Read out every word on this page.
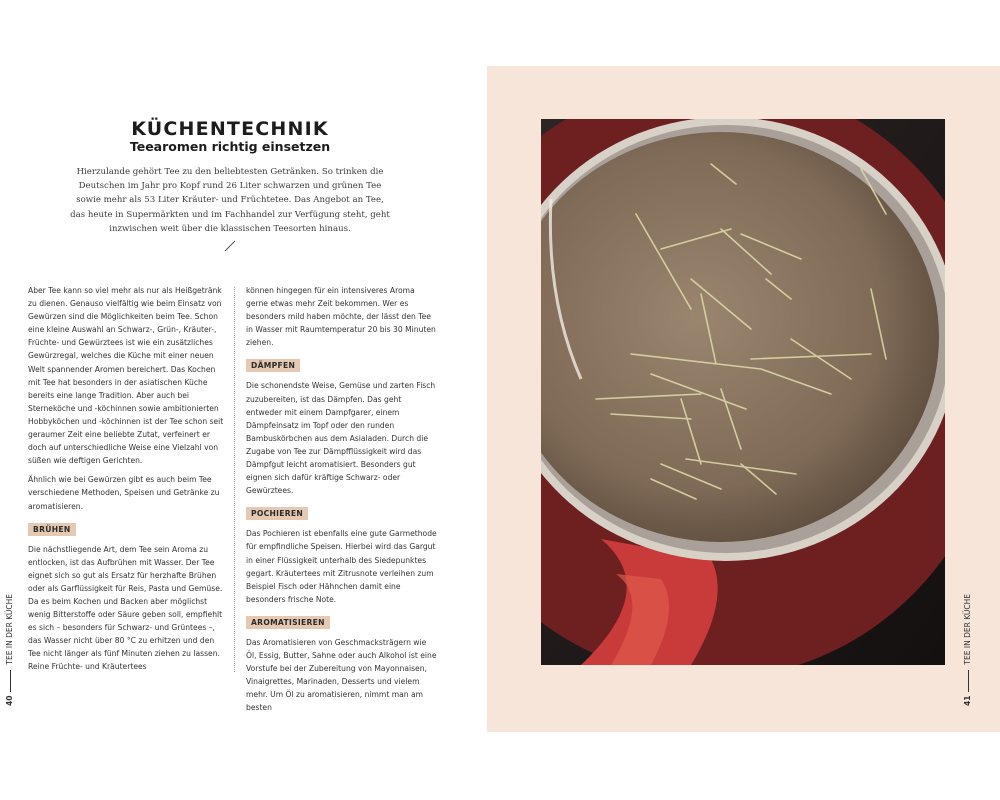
KÜCHENTECHNIK
Teearomen richtig einsetzen
Hierzulande gehört Tee zu den beliebtesten Getränken. So trinken die Deutschen im Jahr pro Kopf rund 26 Liter schwarzen und grünen Tee sowie mehr als 53 Liter Kräuter- und Früchtetee. Das Angebot an Tee, das heute in Supermärkten und im Fachhandel zur Verfügung steht, geht inzwischen weit über die klassischen Teesorten hinaus.

Aber Tee kann so viel mehr als nur als Heißgetränk zu dienen. Genauso vielfältig wie beim Einsatz von Gewürzen sind die Möglichkeiten beim Tee. Schon eine kleine Auswahl an Schwarz-, Grün-, Kräuter-, Früchte- und Gewürztees ist wie ein zusätzliches Gewürzregal, welches die Küche mit einer neuen Welt spannender Aromen bereichert. Das Kochen mit Tee hat besonders in der asiatischen Küche bereits eine lange Tradition. Aber auch bei Sterneköche und -köchinnen sowie ambitionierten Hobbyköchen und -köchinnen ist der Tee schon seit geraumer Zeit eine beliebte Zutat, verfeinert er doch auf unterschiedliche Weise eine Vielzahl von süßen wie deftigen Gerichten.

Ähnlich wie bei Gewürzen gibt es auch beim Tee verschiedene Methoden, Speisen und Getränke zu aromatisieren.

BRÜHEN

Die nächstliegende Art, dem Tee sein Aroma zu entlocken, ist das Aufbrühen mit Wasser. Der Tee eignet sich so gut als Ersatz für herzhafte Brühen oder als Garflüssigkeit für Reis, Pasta und Gemüse. Da es beim Kochen und Backen aber möglichst wenig Bitterstoffe oder Säure geben soll, empfiehlt es sich – besonders für Schwarz- und Grüntees –, das Wasser nicht über 80 °C zu erhitzen und den Tee nicht länger als fünf Minuten ziehen zu lassen. Reine Früchte- und Kräutertees

können hingegen für ein intensiveres Aroma gerne etwas mehr Zeit bekommen. Wer es besonders mild haben möchte, der lässt den Tee in Wasser mit Raumtemperatur 20 bis 30 Minuten ziehen.

DÄMPFEN

Die schonendste Weise, Gemüse und zarten Fisch zuzubereiten, ist das Dämpfen. Das geht entweder mit einem Dampfgarer, einem Dämpfeinsatz im Topf oder den runden Bambuskörbchen aus dem Asialaden. Durch die Zugabe von Tee zur Dämpfflüssigkeit wird das Dämpfgut leicht aromatisiert. Besonders gut eignen sich dafür kräftige Schwarz- oder Gewürztees.

POCHIEREN

Das Pochieren ist ebenfalls eine gute Garmethode für empfindliche Speisen. Hierbei wird das Gargut in einer Flüssigkeit unterhalb des Siedepunktes gegart. Kräutertees mit Zitrusnote verleihen zum Beispiel Fisch oder Hähnchen damit eine besonders frische Note.

AROMATISIEREN

Das Aromatisieren von Geschmacksträgern wie Öl, Essig, Butter, Sahne oder auch Alkohol ist eine Vorstufe bei der Zubereitung von Mayonnaisen, Vinaigrettes, Marinaden, Desserts und vielem mehr. Um Öl zu aromatisieren, nimmt man am besten

40TEE IN DER KÜCHE
41TEE IN DER KÜCHE
